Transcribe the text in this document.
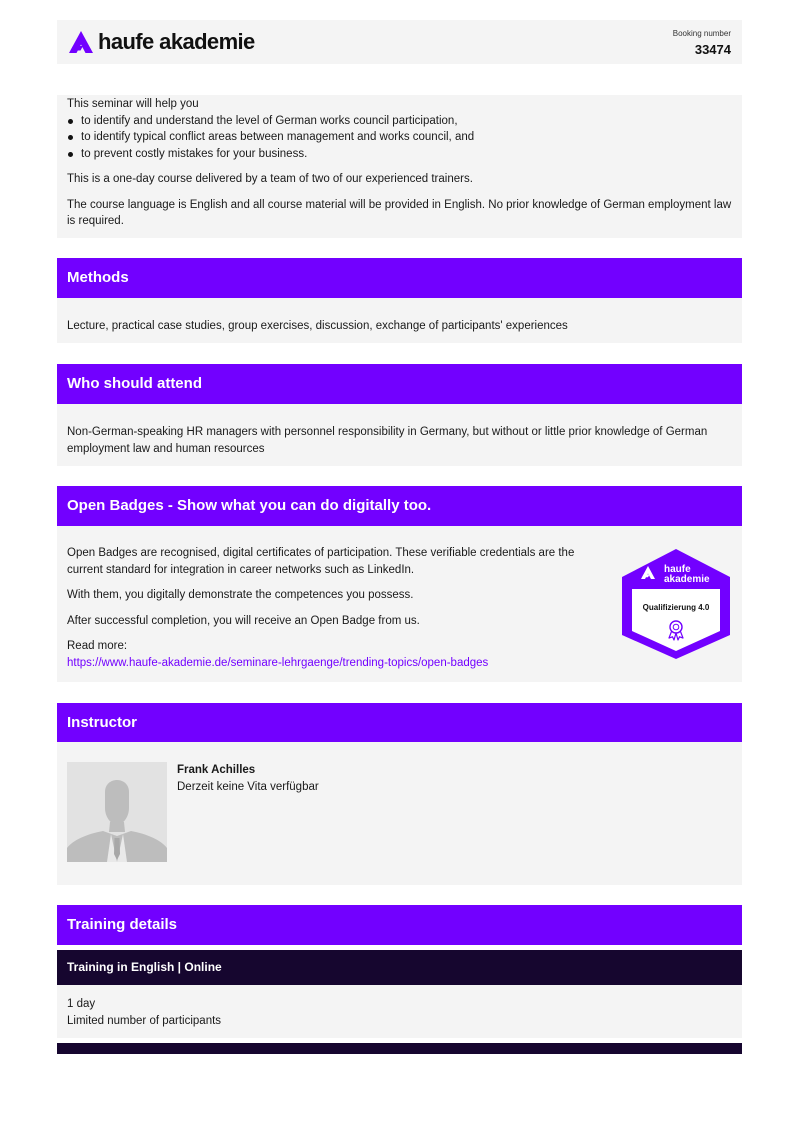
haufe akademie	Booking number
33474

This seminar will help you

to identify and understand the level of German works council participation,
to identify typical conflict areas between management and works council, and
to prevent costly mistakes for your business.

This is a one-day course delivered by a team of two of our experienced trainers.

The course language is English and all course material will be provided in English. No prior knowledge of German employment law is required.

Methods

Lecture, practical case studies, group exercises, discussion, exchange of participants' experiences

Who should attend

Non-German-speaking HR managers with personnel responsibility in Germany, but without or little prior knowledge of German employment law and human resources

Open Badges - Show what you can do digitally too.

Open Badges are recognised, digital certificates of participation. These verifiable credentials are the current standard for integration in career networks such as LinkedIn.

With them, you digitally demonstrate the competences you possess.

After successful completion, you will receive an Open Badge from us.

Read more:

https://www.haufe-akademie.de/seminare-lehrgaenge/trending-topics/open-badges

haufe
akademie
Qualifizierung 4.0
Instructor
Frank Achilles
Derzeit keine Vita verfügbar
Training details
Training in English | Online

1 day

Limited number of participants
